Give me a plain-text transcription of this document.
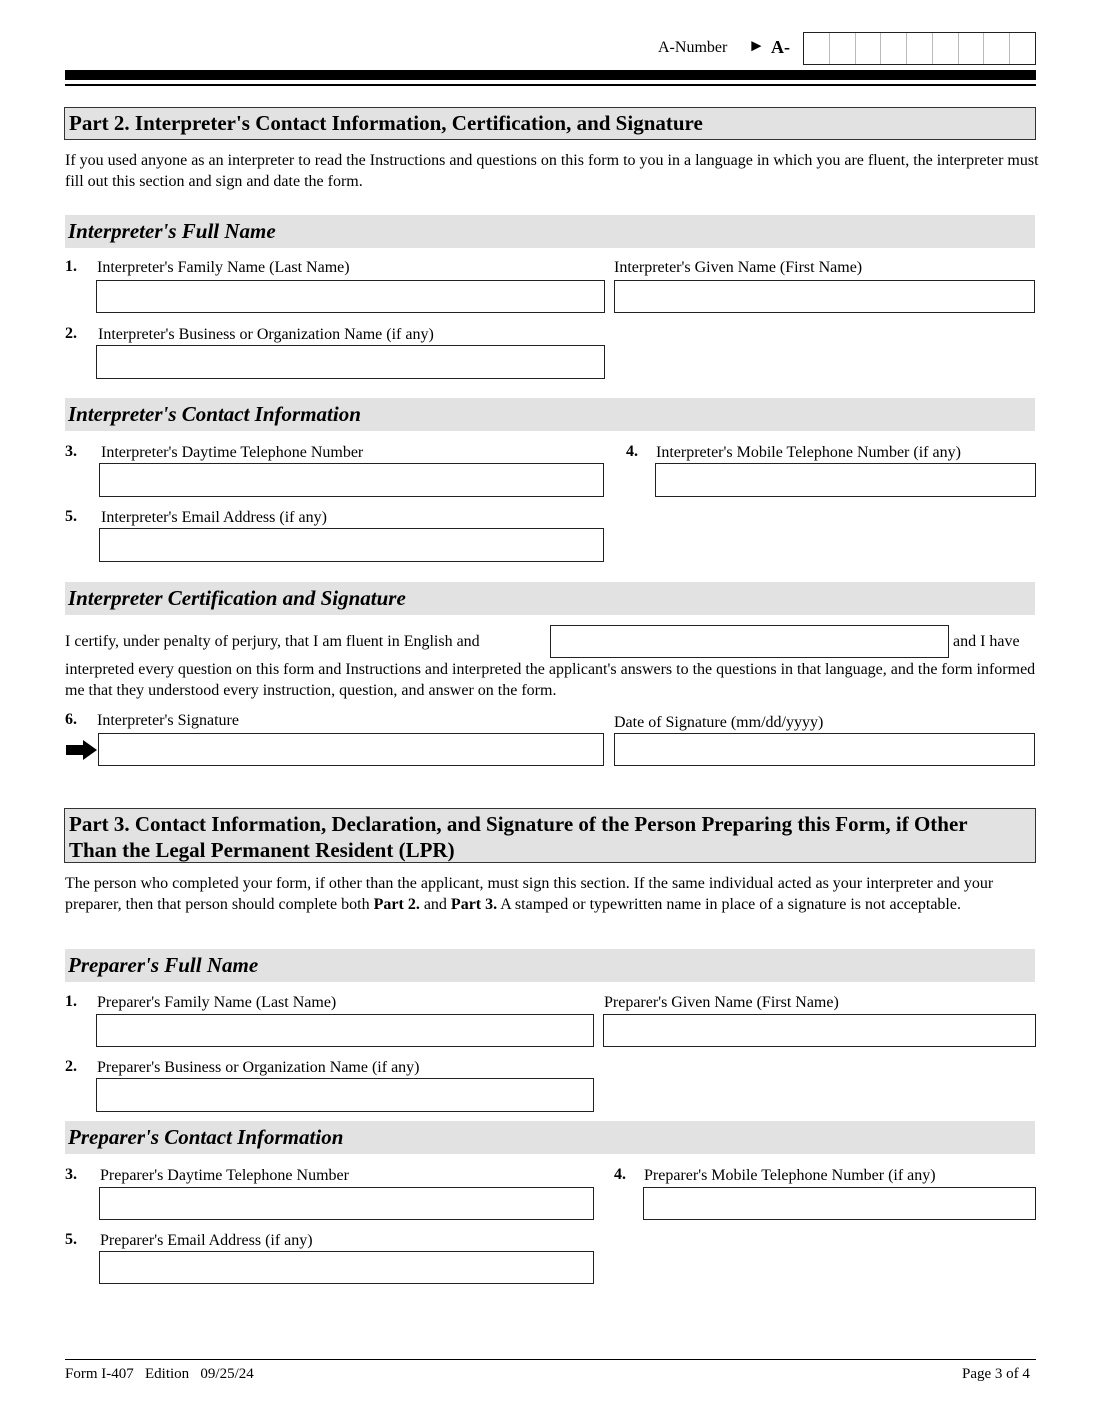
A-Number ► A-
Part 2. Interpreter's Contact Information, Certification, and Signature
If you used anyone as an interpreter to read the Instructions and questions on this form to you in a language in which you are fluent, the interpreter must fill out this section and sign and date the form.
Interpreter's Full Name
1. Interpreter's Family Name (Last Name)	Interpreter's Given Name (First Name)
2. Interpreter's Business or Organization Name (if any)
Interpreter's Contact Information
3. Interpreter's Daytime Telephone Number	4. Interpreter's Mobile Telephone Number (if any)
5. Interpreter's Email Address (if any)
Interpreter Certification and Signature
I certify, under penalty of perjury, that I am fluent in English and	and I have
interpreted every question on this form and Instructions and interpreted the applicant's answers to the questions in that language, and the form informed me that they understood every instruction, question, and answer on the form.
6. Interpreter's Signature	Date of Signature (mm/dd/yyyy)
Part 3. Contact Information, Declaration, and Signature of the Person Preparing this Form, if Other
Than the Legal Permanent Resident (LPR)
The person who completed your form, if other than the applicant, must sign this section. If the same individual acted as your interpreter and your preparer, then that person should complete both Part 2. and Part 3. A stamped or typewritten name in place of a signature is not acceptable.
Preparer's Full Name
1. Preparer's Family Name (Last Name)	Preparer's Given Name (First Name)
2. Preparer's Business or Organization Name (if any)
Preparer's Contact Information
3. Preparer's Daytime Telephone Number	4. Preparer's Mobile Telephone Number (if any)
5. Preparer's Email Address (if any)
Form I-407   Edition   09/25/24	Page 3 of 4
